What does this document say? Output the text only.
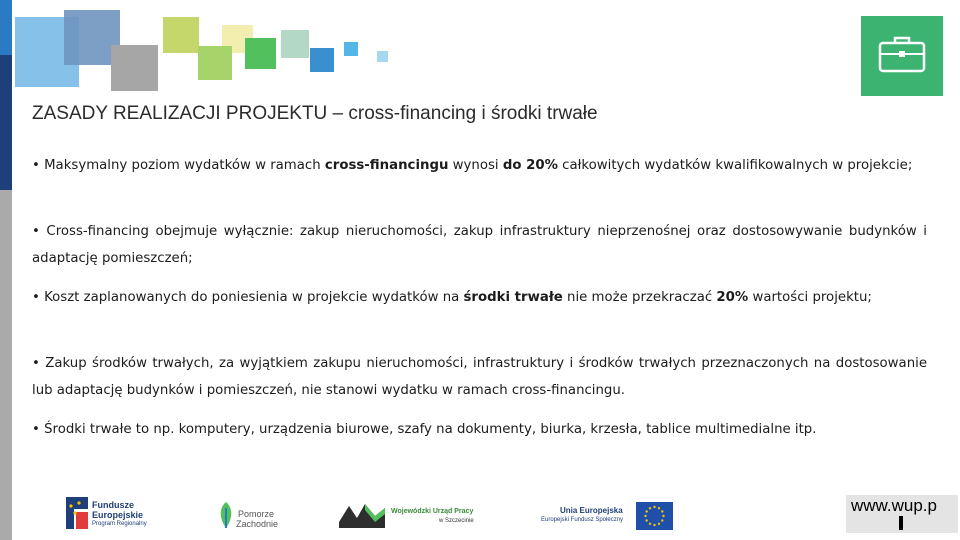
ZASADY REALIZACJI PROJEKTU – cross-financing i środki trwałe

• Maksymalny poziom wydatków w ramach cross-financingu wynosi do 20% całkowitych wydatków kwalifikowalnych w projekcie;

• Cross-financing obejmuje wyłącznie: zakup nieruchomości, zakup infrastruktury nieprzenośnej oraz dostosowywanie budynków i adaptację pomieszczeń;

• Koszt zaplanowanych do poniesienia w projekcie wydatków na środki trwałe nie może przekraczać 20% wartości projektu;

• Zakup środków trwałych, za wyjątkiem zakupu nieruchomości, infrastruktury i środków trwałych przeznaczonych na dostosowanie lub adaptację budynków i pomieszczeń, nie stanowi wydatku w ramach cross-financingu.

• Środki trwałe to np. komputery, urządzenia biurowe, szafy na dokumenty, biurka, krzesła, tablice multimedialne itp.

Fundusze
Europejskie
Program Regionalny
Pomorze
Zachodnie
Wojewódzki Urząd Pracy
w Szczecinie
Unia Europejska
Europejski Fundusz Społeczny
www.wup.p
